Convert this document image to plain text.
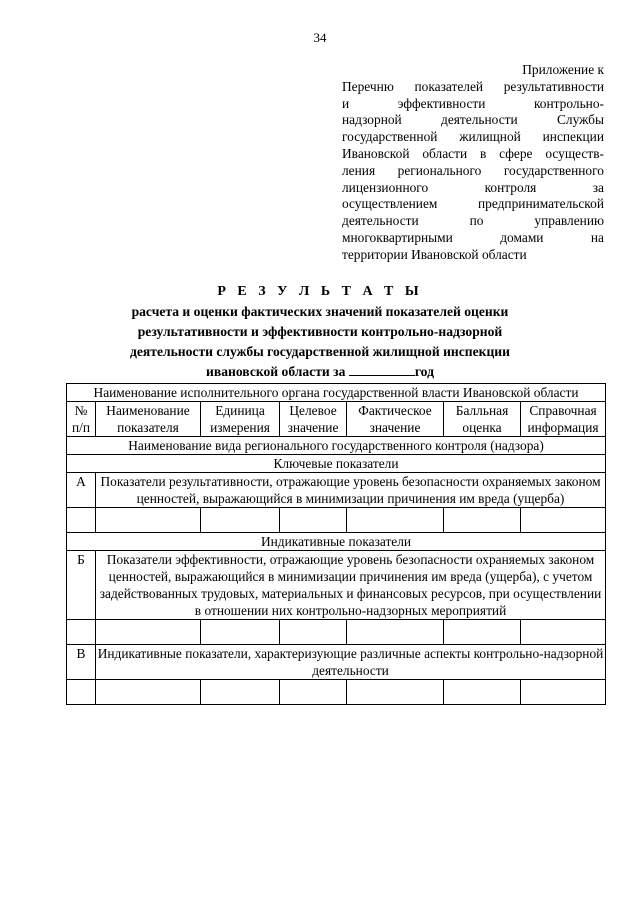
34
Приложение к
Перечню показателей результативности
и эффективности контрольно-
надзорной деятельности Службы
государственной жилищной инспекции
Ивановской области в сфере осуществ-
ления регионального государственного
лицензионного контроля за
осуществлением предпринимательской
деятельности по управлению
многоквартирными домами на
территории Ивановской области
Р Е З У Л Ь Т А Т Ы
расчета и оценки фактических значений показателей оценки
результативности и эффективности контрольно-надзорной
деятельности службы государственной жилищной инспекции
ивановской области за	год
Наименование исполнительного органа государственной власти Ивановской области						
№ п/п	Наименование показателя	Единица измерения	Целевое значение	Фактическое значение	Балльная оценка	Справочная информация
Наименование вида регионального государственного контроля (надзора)						
Ключевые показатели						
А	Показатели результативности, отражающие уровень безопасности охраняемых законом ценностей, выражающийся в минимизации причинения им вреда (ущерба)					

Индикативные показатели						
Б	Показатели эффективности, отражающие уровень безопасности охраняемых законом ценностей, выражающийся в минимизации причинения им вреда (ущерба), с учетом задействованных трудовых, материальных и финансовых ресурсов, при осуществлении в отношении них контрольно-надзорных мероприятий					

В	Индикативные показатели, характеризующие различные аспекты контрольно-надзорной деятельности					
